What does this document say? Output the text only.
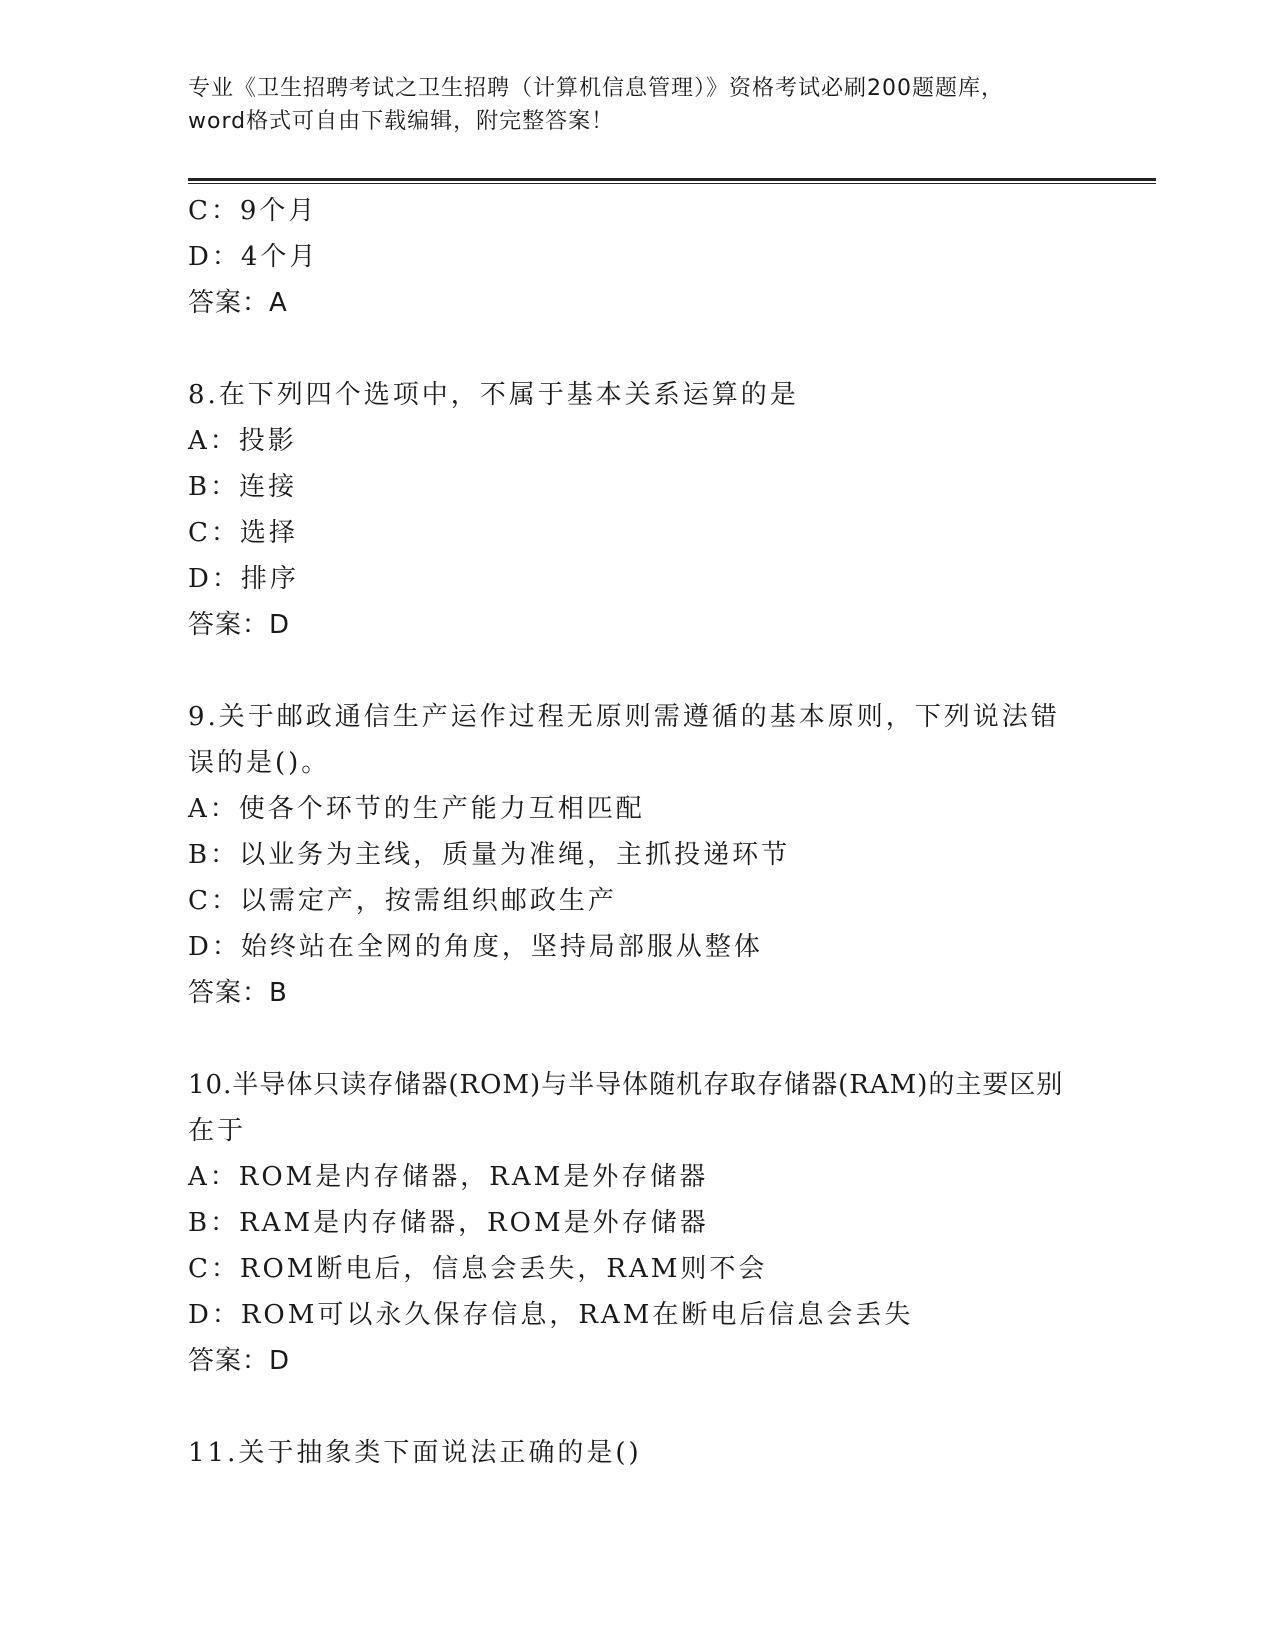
专业《卫生招聘考试之卫生招聘（计算机信息管理）》资格考试必刷200题题库，
word格式可自由下载编辑，附完整答案！
C：9个月
D：4个月
答案：A
8.在下列四个选项中，不属于基本关系运算的是
A：投影
B：连接
C：选择
D：排序
答案：D
9.关于邮政通信生产运作过程无原则需遵循的基本原则，下列说法错
误的是()。
A：使各个环节的生产能力互相匹配
B：以业务为主线，质量为准绳，主抓投递环节
C：以需定产，按需组织邮政生产
D：始终站在全网的角度，坚持局部服从整体
答案：B
10.半导体只读存储器(ROM)与半导体随机存取存储器(RAM)的主要区别
在于
A：ROM是内存储器，RAM是外存储器
B：RAM是内存储器，ROM是外存储器
C：ROM断电后，信息会丢失，RAM则不会
D：ROM可以永久保存信息，RAM在断电后信息会丢失
答案：D
11.关于抽象类下面说法正确的是()
